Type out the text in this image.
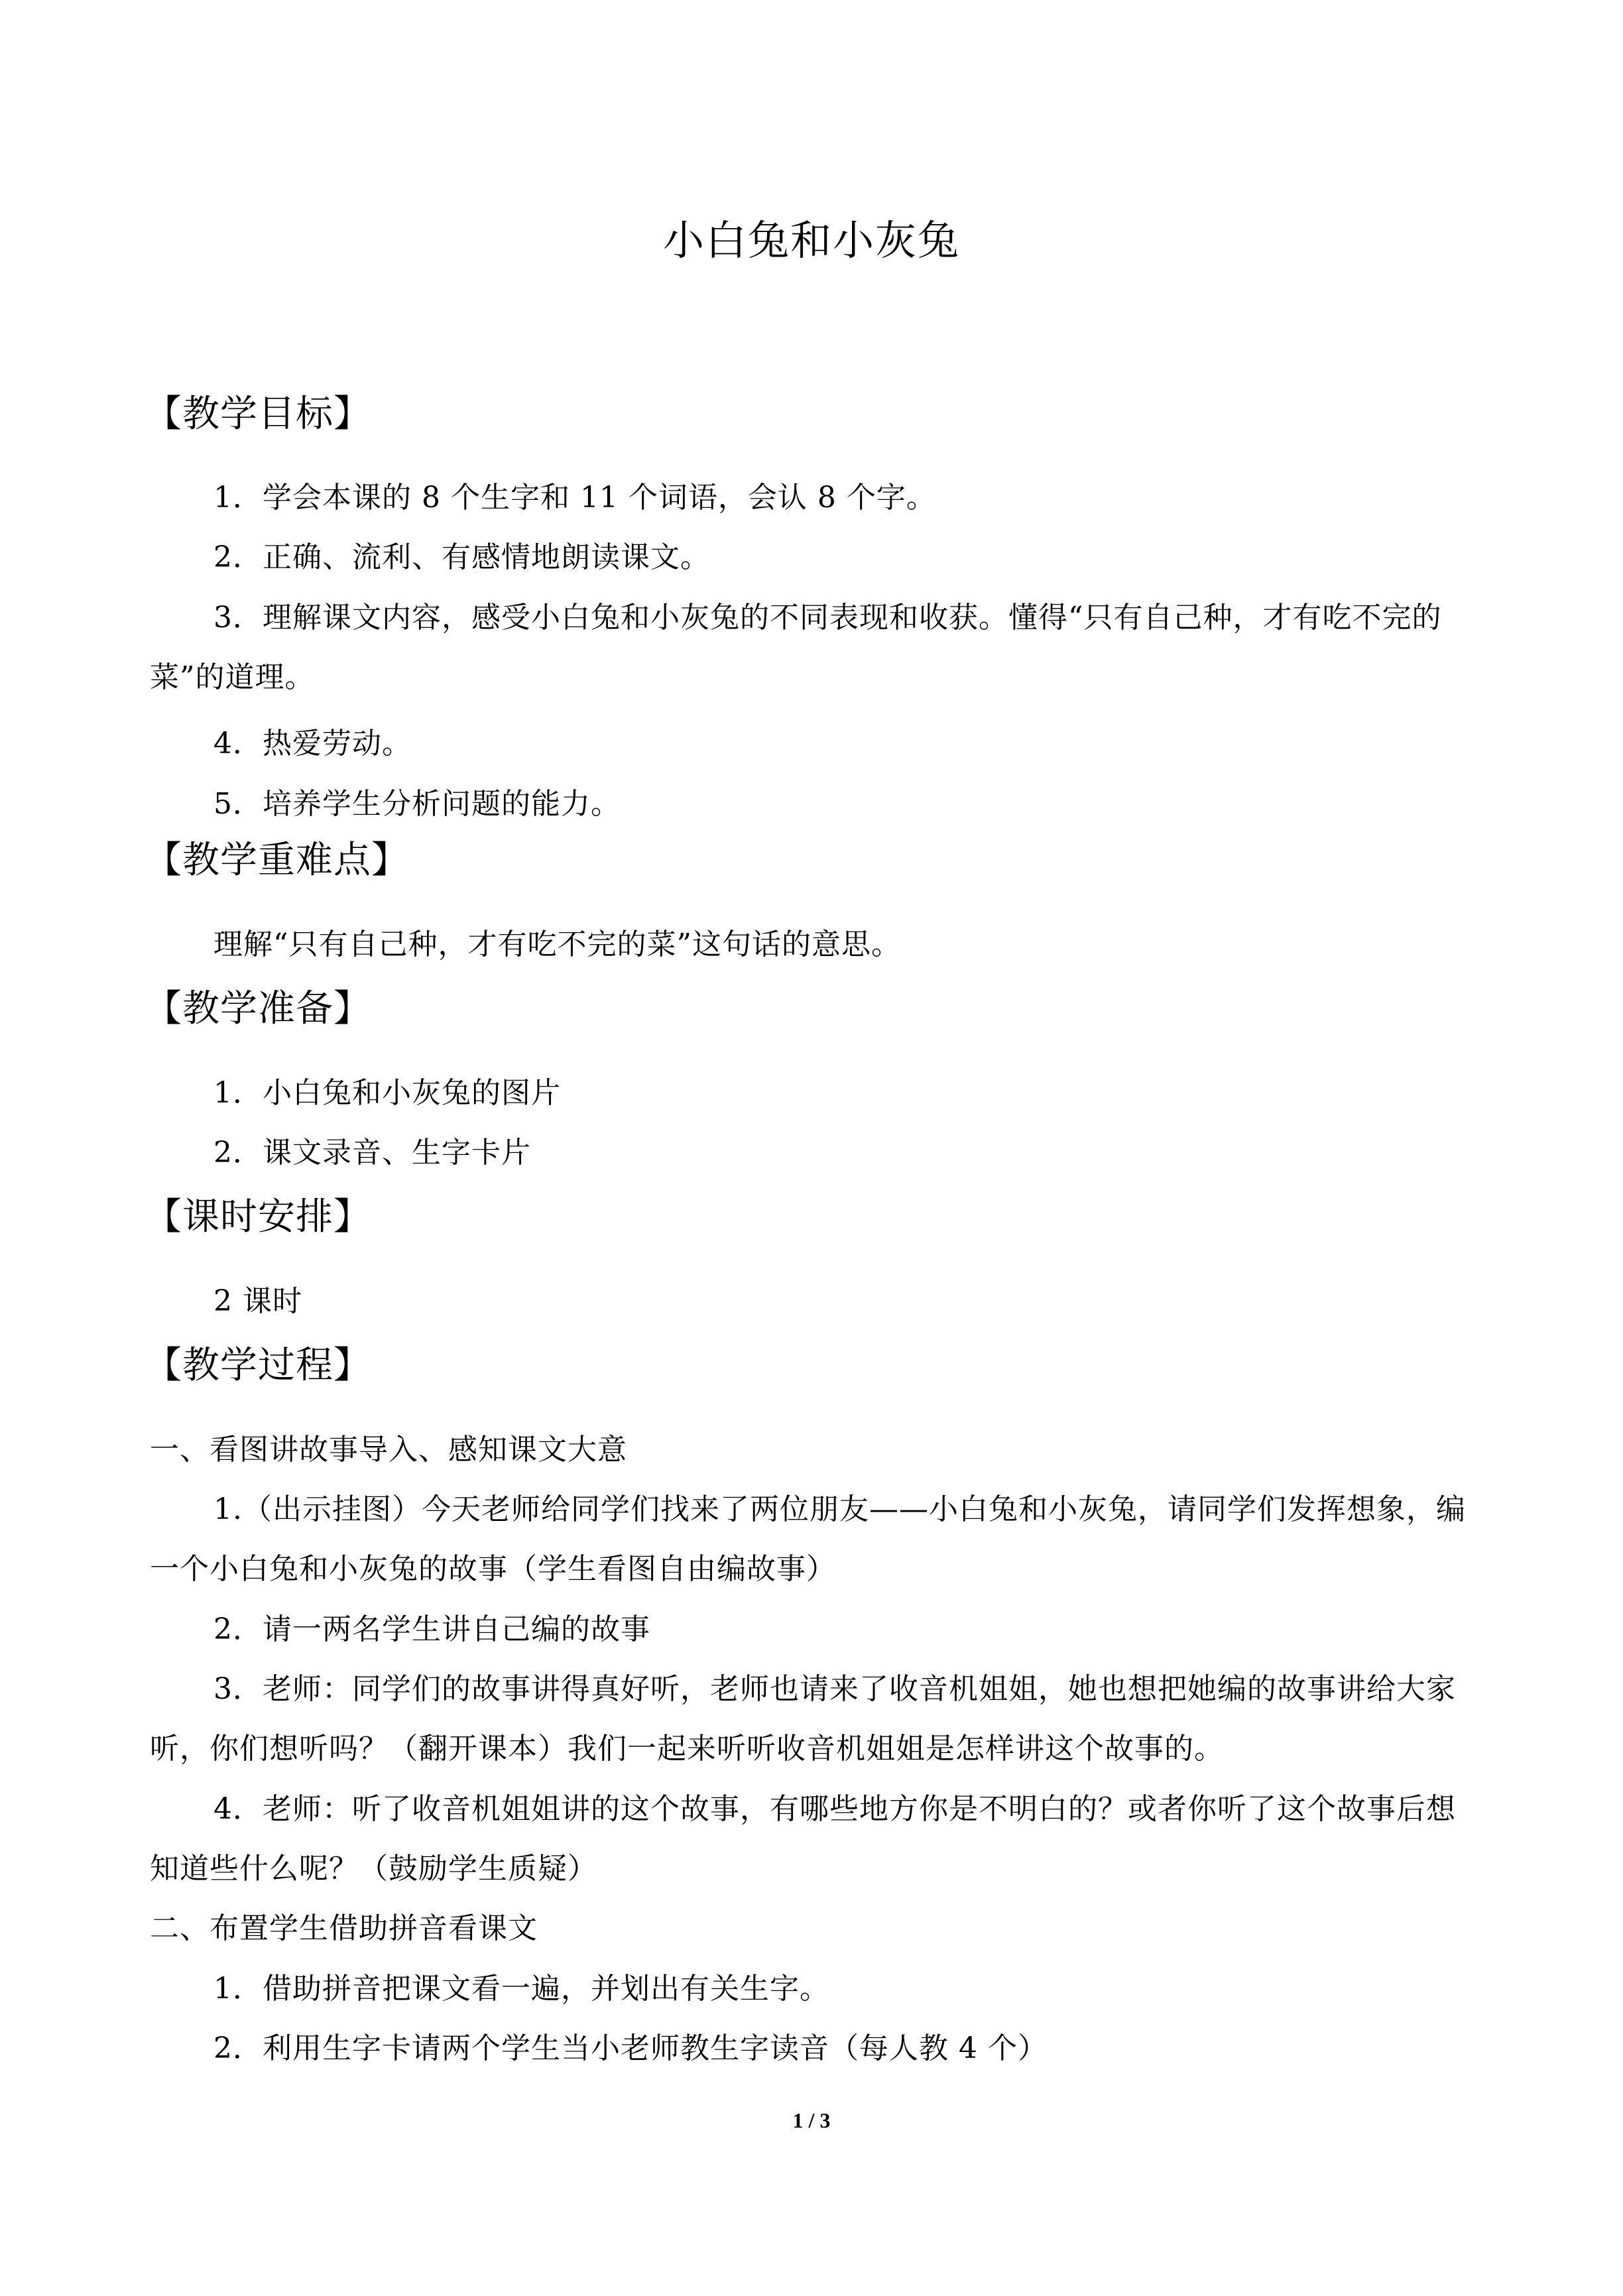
小白兔和小灰兔
【教学目标】
1．学会本课的 8 个生字和 11 个词语，会认 8 个字。
2．正确、流利、有感情地朗读课文。
3．理解课文内容，感受小白兔和小灰兔的不同表现和收获。懂得“只有自己种，才有吃不完的菜”的道理。
4．热爱劳动。
5．培养学生分析问题的能力。
【教学重难点】
理解“只有自己种，才有吃不完的菜”这句话的意思。
【教学准备】
1．小白兔和小灰兔的图片
2．课文录音、生字卡片
【课时安排】
2 课时
【教学过程】
一、看图讲故事导入、感知课文大意
1.（出示挂图）今天老师给同学们找来了两位朋友——小白兔和小灰兔，请同学们发挥想象，编一个小白兔和小灰兔的故事（学生看图自由编故事）
2．请一两名学生讲自己编的故事
3．老师：同学们的故事讲得真好听，老师也请来了收音机姐姐，她也想把她编的故事讲给大家听，你们想听吗？（翻开课本）我们一起来听听收音机姐姐是怎样讲这个故事的。
4．老师：听了收音机姐姐讲的这个故事，有哪些地方你是不明白的？或者你听了这个故事后想知道些什么呢？（鼓励学生质疑）
二、布置学生借助拼音看课文
1．借助拼音把课文看一遍，并划出有关生字。
2．利用生字卡请两个学生当小老师教生字读音（每人教 4 个）
1 / 3
